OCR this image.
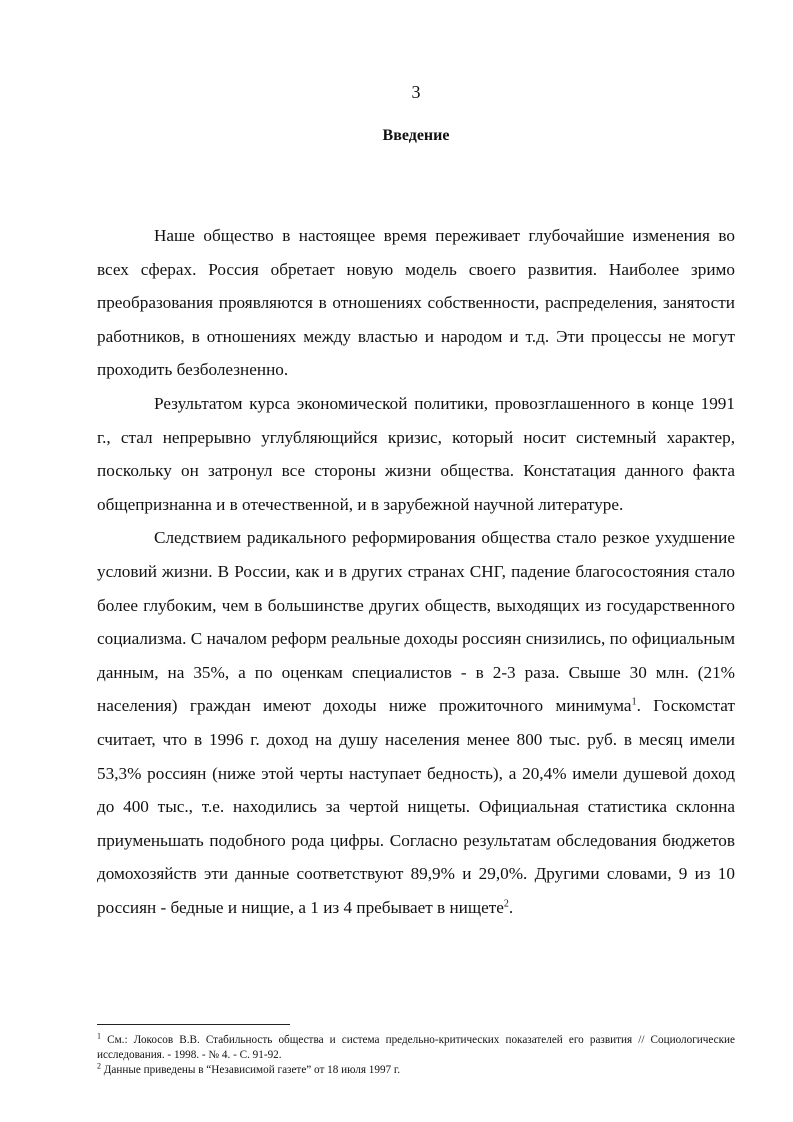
3
Введение

Наше общество в настоящее время переживает глубочайшие изменения во всех сферах. Россия обретает новую модель своего развития. Наиболее зримо преобразования проявляются в отношениях собственности, распределения, занятости работников, в отношениях между властью и народом и т.д. Эти процессы не могут проходить безболезненно.

Результатом курса экономической политики, провозглашенного в конце 1991 г., стал непрерывно углубляющийся кризис, который носит системный характер, поскольку он затронул все стороны жизни общества. Констатация данного факта общепризнанна и в отечественной, и в зарубежной научной литературе.

Следствием радикального реформирования общества стало резкое ухудшение условий жизни. В России, как и в других странах СНГ, падение благосостояния стало более глубоким, чем в большинстве других обществ, выходящих из государственного социализма. С началом реформ реальные доходы россиян снизились, по официальным данным, на 35%, а по оценкам специалистов - в 2-3 раза. Свыше 30 млн. (21% населения) граждан имеют доходы ниже прожиточного минимума$^1$. Госкомстат считает, что в 1996 г. доход на душу населения менее 800 тыс. руб. в месяц имели 53,3% россиян (ниже этой черты наступает бедность), а 20,4% имели душевой доход до 400 тыс., т.е. находились за чертой нищеты. Официальная статистика склонна приуменьшать подобного рода цифры. Согласно результатам обследования бюджетов домохозяйств эти данные соответствуют 89,9% и 29,0%. Другими словами, 9 из 10 россиян - бедные и нищие, а 1 из 4 пребывает в нищете$^2$.

$^1$ См.: Локосов В.В. Стабильность общества и система предельно-критических показателей его развития // Социологические исследования. - 1998. - № 4. - С. 91-92.

$^2$ Данные приведены в “Независимой газете” от 18 июля 1997 г.
